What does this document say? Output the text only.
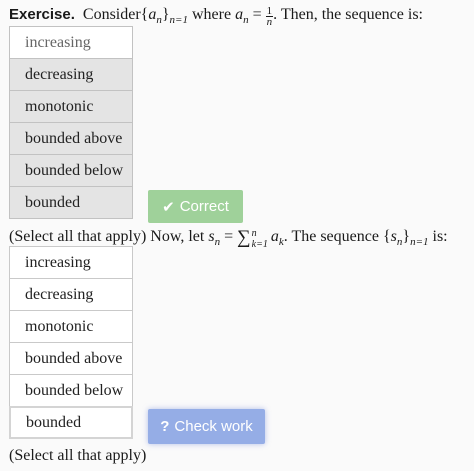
Exercise. $Consider\{a_n\}_{n=1}$ where $a_n = \frac{1}{n}$ . Then, the sequence is:
increasing
decreasing
monotonic
bounded above
bounded below
bounded	✔ Correct
(Select all that apply) Now, let $s_n$ = ∑ n
k=1 $a_k$. The sequence $\{s_n\}_{n=1}$ is:
increasing
decreasing
monotonic
bounded above
bounded below
bounded	? Check work
(Select all that apply)
